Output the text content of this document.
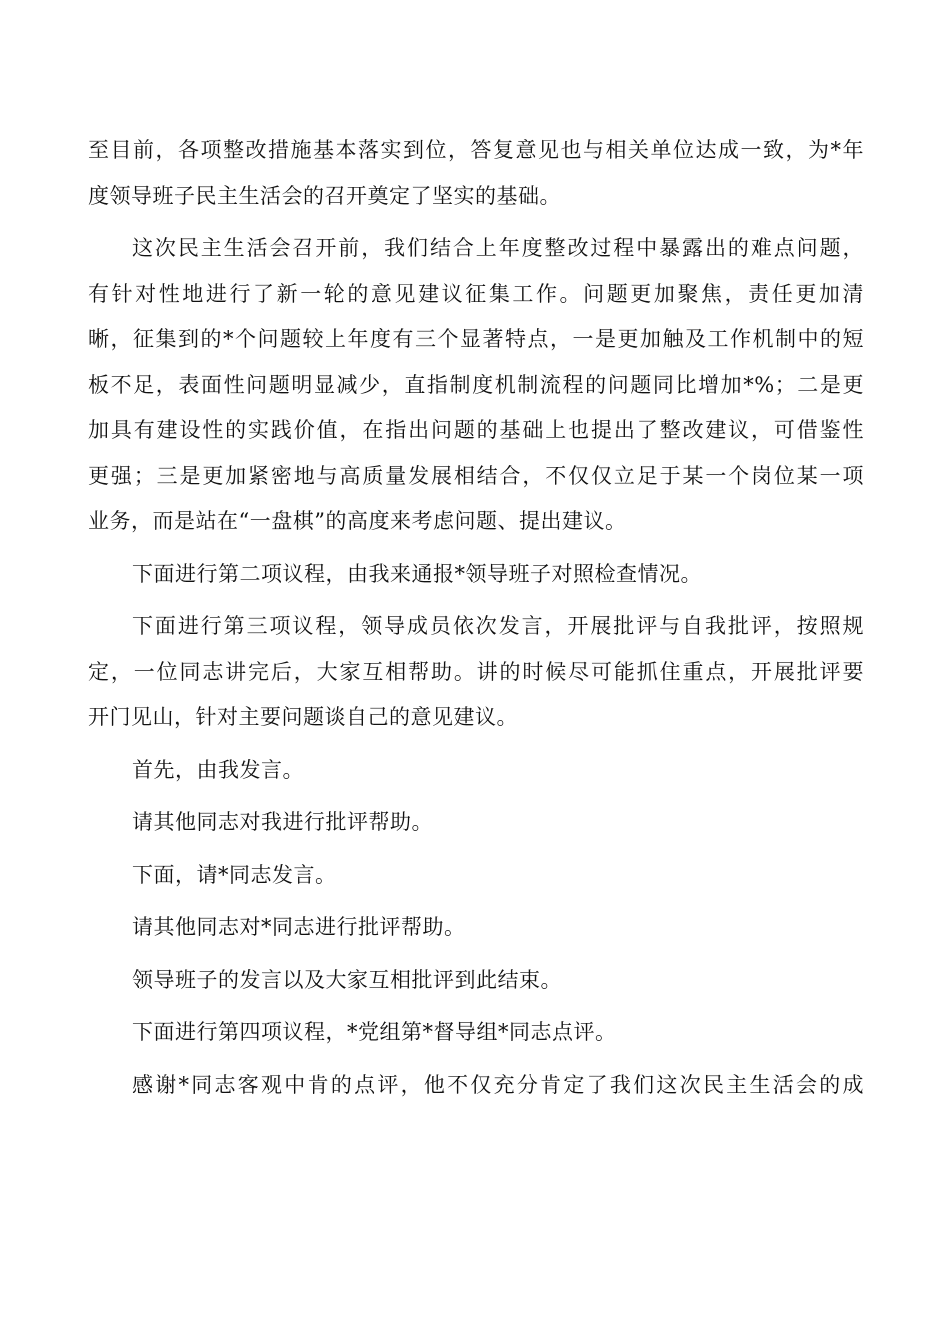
至目前，各项整改措施基本落实到位，答复意见也与相关单位达成一致，为*年
度领导班子民主生活会的召开奠定了坚实的基础。
这次民主生活会召开前，我们结合上年度整改过程中暴露出的难点问题，
有针对性地进行了新一轮的意见建议征集工作。问题更加聚焦，责任更加清
晰，征集到的*个问题较上年度有三个显著特点，一是更加触及工作机制中的短
板不足，表面性问题明显减少，直指制度机制流程的问题同比增加*%；二是更
加具有建设性的实践价值，在指出问题的基础上也提出了整改建议，可借鉴性
更强；三是更加紧密地与高质量发展相结合，不仅仅立足于某一个岗位某一项
业务，而是站在“一盘棋”的高度来考虑问题、提出建议。
下面进行第二项议程，由我来通报*领导班子对照检查情况。
下面进行第三项议程，领导成员依次发言，开展批评与自我批评，按照规
定，一位同志讲完后，大家互相帮助。讲的时候尽可能抓住重点，开展批评要
开门见山，针对主要问题谈自己的意见建议。
首先，由我发言。
请其他同志对我进行批评帮助。
下面，请*同志发言。
请其他同志对*同志进行批评帮助。
领导班子的发言以及大家互相批评到此结束。
下面进行第四项议程，*党组第*督导组*同志点评。
感谢*同志客观中肯的点评，他不仅充分肯定了我们这次民主生活会的成
